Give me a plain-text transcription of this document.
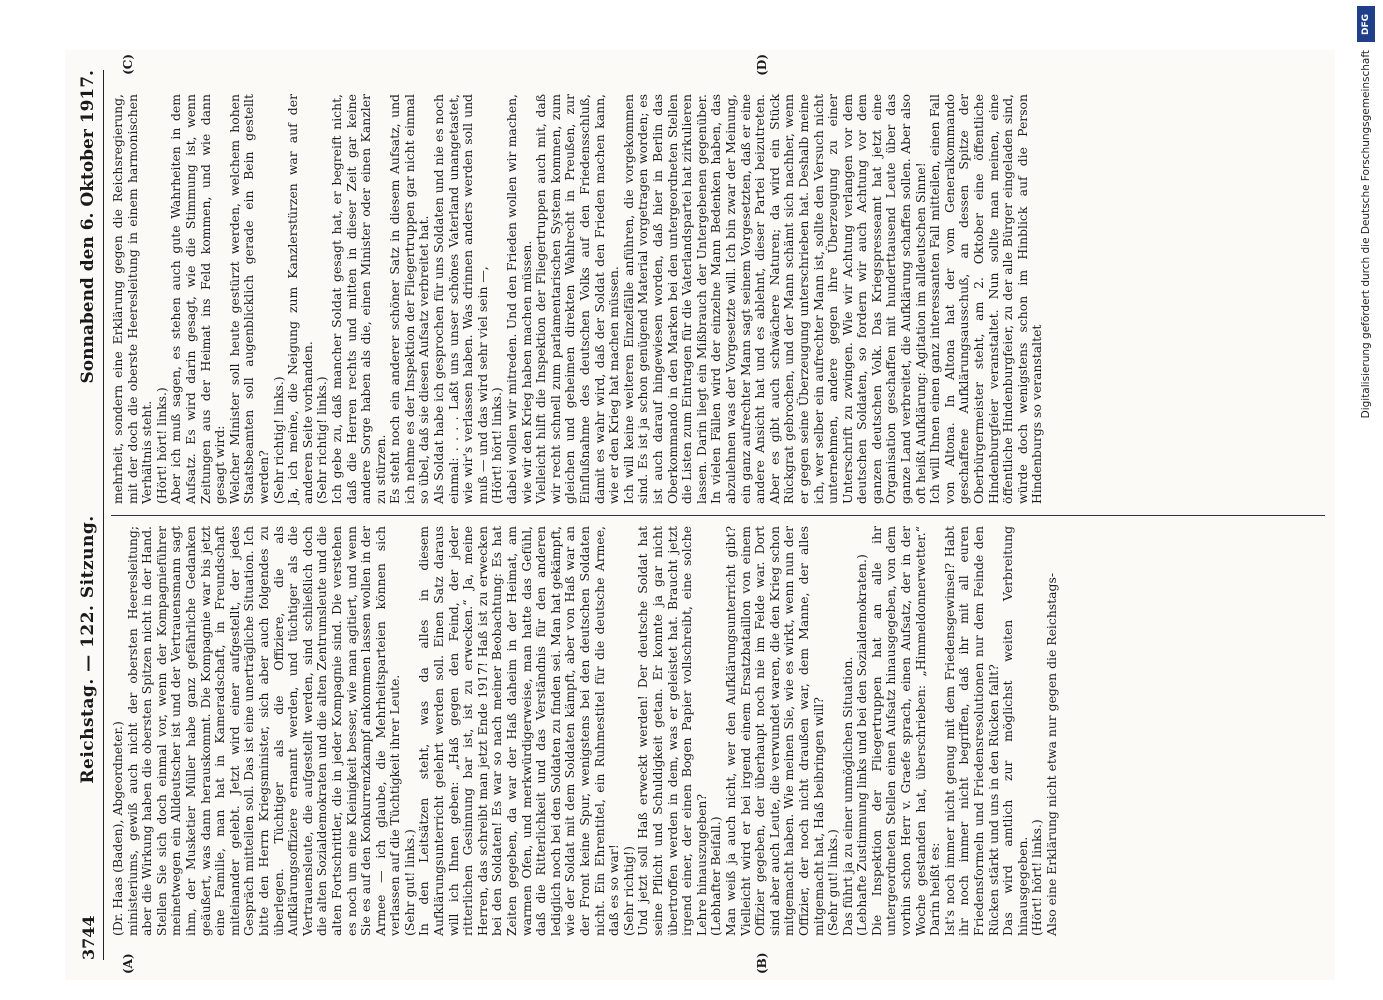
3744
Reichstag. — 122. Sitzung.
Sonnabend den 6. Oktober 1917.
(A)	(B)
(C)	(D)
(Dr. Haas (Baden), Abgeordneter.)
ministeriums, gewiß auch nicht der obersten Heeresleitung; aber die Wirkung haben die obersten Spitzen nicht in der Hand. Stellen Sie sich doch einmal vor, wenn der Kompagnieführer meinetwegen ein Alldeutscher ist und der Vertrauensmann sagt ihm, der Musketier Müller habe ganz gefährliche Gedanken geäußert, was dann herauskommt. Die Kompagnie war bis jetzt eine Familie, man hat in Kameradschaft, in Freundschaft miteinander gelebt. Jetzt wird einer aufgestellt, der jedes Gespräch mitteilen soll. Das ist eine unerträgliche Situation. Ich bitte den Herrn Kriegsminister, sich aber auch folgendes zu überlegen. Tüchtiger als die Offiziere, die als Aufklärungsoffiziere ernannt werden, und tüchtiger als die Vertrauensleute, die aufgestellt werden, sind schließlich doch die alten Sozialdemokraten und die alten Zentrumsleute und die alten Fortschrittler, die in jeder Kompagnie sind. Die verstehen es noch um eine Kleinigkeit besser, wie man agitiert, und wenn Sie es auf den Konkurrenzkampf ankommen lassen wollen in der Armee — ich glaube, die Mehrheitsparteien können sich verlassen auf die Tüchtigkeit ihrer Leute.
(Sehr gut! links.)
In den Leitsätzen steht, was da alles in diesem Aufklärungsunterricht gelehrt werden soll. Einen Satz daraus will ich Ihnen geben: „Haß gegen den Feind, der jeder ritterlichen Gesinnung bar ist, ist zu erwecken.“ Ja, meine Herren, das schreibt man jetzt Ende 1917! Haß ist zu erwecken bei den Soldaten! Es war so nach meiner Beobachtung: Es hat Zeiten gegeben, da war der Haß daheim in der Heimat, am warmen Ofen, und merkwürdigerweise, man hatte das Gefühl, daß die Ritterlichkeit und das Verständnis für den anderen lediglich noch bei den Soldaten zu finden sei. Man hat gekämpft, wie der Soldat mit dem Soldaten kämpft, aber von Haß war an der Front keine Spur, wenigstens bei den deutschen Soldaten nicht. Ein Ehrentitel, ein Ruhmestitel für die deutsche Armee, daß es so war!
(Sehr richtig!)
Und jetzt soll Haß erweckt werden! Der deutsche Soldat hat seine Pflicht und Schuldigkeit getan. Er konnte ja gar nicht übertroffen werden in dem, was er geleistet hat. Braucht jetzt irgend einer, der einen Bogen Papier vollschreibt, eine solche Lehre hinauszugeben?
(Lebhafter Beifall.)
Man weiß ja auch nicht, wer den Aufklärungsunterricht gibt? Vielleicht wird er bei irgend einem Ersatzbataillon von einem Offizier gegeben, der überhaupt noch nie im Felde war. Dort sind aber auch Leute, die verwundet waren, die den Krieg schon mitgemacht haben. Wie meinen Sie, wie es wirkt, wenn nun der Offizier, der noch nicht draußen war, dem Manne, der alles mitgemacht hat, Haß beibringen will?
(Sehr gut! links.)
Das führt ja zu einer unmöglichen Situation.
(Lebhafte Zustimmung links und bei den Sozialdemokraten.)
Die Inspektion der Fliegertruppen hat an alle ihr untergeordneten Stellen einen Aufsatz hinausgegeben, von dem vorhin schon Herr v. Graefe sprach, einen Aufsatz, der in der Woche gestanden hat, überschrieben: „Himmeldonnerwetter.“ Darin heißt es:
Ist's noch immer nicht genug mit dem Friedensgewinsel? Habt ihr noch immer nicht begriffen, daß ihr mit all euren Friedensformeln und Friedensresolutionen nur dem Feinde den Rücken stärkt und uns in den Rücken fallt?
Das wird amtlich zur möglichst weiten Verbreitung hinausgegeben.
(Hört! hört! links.)
Also eine Erklärung nicht etwa nur gegen die Reichstags-
mehrheit, sondern eine Erklärung gegen die Reichsregierung, mit der doch die oberste Heeresleitung in einem harmonischen Verhältnis steht.
(Hört! hört! links.)
Aber ich muß sagen, es stehen auch gute Wahrheiten in dem Aufsatz. Es wird darin gesagt, wie die Stimmung ist, wenn Zeitungen aus der Heimat ins Feld kommen, und wie dann gesagt wird:
Welcher Minister soll heute gestürzt werden, welchem hohen Staatsbeamten soll augenblicklich gerade ein Bein gestellt werden?
(Sehr richtig! links.)
Ja, ich meine, die Neigung zum Kanzlerstürzen war auf der anderen Seite vorhanden.
(Sehr richtig! links.)
Ich gebe zu, daß mancher Soldat gesagt hat, er begreift nicht, daß die Herren rechts und mitten in dieser Zeit gar keine andere Sorge haben als die, einen Minister oder einen Kanzler zu stürzen.
Es steht noch ein anderer schöner Satz in diesem Aufsatz, und ich nehme es der Inspektion der Fliegertruppen gar nicht einmal so übel, daß sie diesen Aufsatz verbreitet hat.
Als Soldat habe ich gesprochen für uns Soldaten und nie es noch einmal: . . . . Laßt uns unser schönes Vaterland unangetastet, wie wir's verlassen haben. Was drinnen anders werden soll und muß — und das wird sehr viel sein —,
(Hört! hört! links.)
dabei wollen wir mitreden. Und den Frieden wollen wir machen, wie wir den Krieg haben machen müssen.
Vielleicht hilft die Inspektion der Fliegertruppen auch mit, daß wir recht schnell zum parlamentarischen System kommen, zum gleichen und geheimen direkten Wahlrecht in Preußen, zur Einflußnahme des deutschen Volks auf den Friedensschluß, damit es wahr wird, daß der Soldat den Frieden machen kann, wie er den Krieg hat machen müssen.
Ich will keine weiteren Einzelfälle anführen, die vorgekommen sind. Es ist ja schon genügend Material vorgetragen worden; es ist auch darauf hingewiesen worden, daß hier in Berlin das Oberkommando in den Marken bei den untergeordneten Stellen die Listen zum Eintragen für die Vaterlandspartei hat zirkulieren lassen. Darin liegt ein Mißbrauch der Untergebenen gegenüber. In vielen Fällen wird der einzelne Mann Bedenken haben, das abzulehnen was der Vorgesetzte will. Ich bin zwar der Meinung, ein ganz aufrechter Mann sagt seinem Vorgesetzten, daß er eine andere Ansicht hat und es ablehnt, dieser Partei beizutreten. Aber es gibt auch schwächere Naturen; da wird ein Stück Rückgrat gebrochen, und der Mann schämt sich nachher, wenn er gegen seine Überzeugung unterschrieben hat. Deshalb meine ich, wer selber ein aufrechter Mann ist, sollte den Versuch nicht unternehmen, andere gegen ihre Überzeugung zu einer Unterschrift zu zwingen. Wie wir Achtung verlangen vor dem deutschen Soldaten, so fordern wir auch Achtung vor dem ganzen deutschen Volk. Das Kriegspresseamt hat jetzt eine Organisation geschaffen mit hunderttausend Leute über das ganze Land verbreitet, die Aufklärung schaffen sollen. Aber also oft heißt Aufklärung: Agitation im alldeutschen Sinne!
Ich will Ihnen einen ganz interessanten Fall mitteilen, einen Fall von Altona. In Altona hat der vom Generalkommando geschaffene Aufklärungsausschuß, an dessen Spitze der Oberbürgermeister steht, am 2. Oktober eine öffentliche Hindenburgfeier veranstaltet. Nun sollte man meinen, eine öffentliche Hindenburgfeier, zu der alle Bürger eingeladen sind, würde doch wenigstens schon im Hinblick auf die Person Hindenburgs so veranstaltet
DFG
Digitalisierung gefördert durch die Deutsche Forschungsgemeinschaft
